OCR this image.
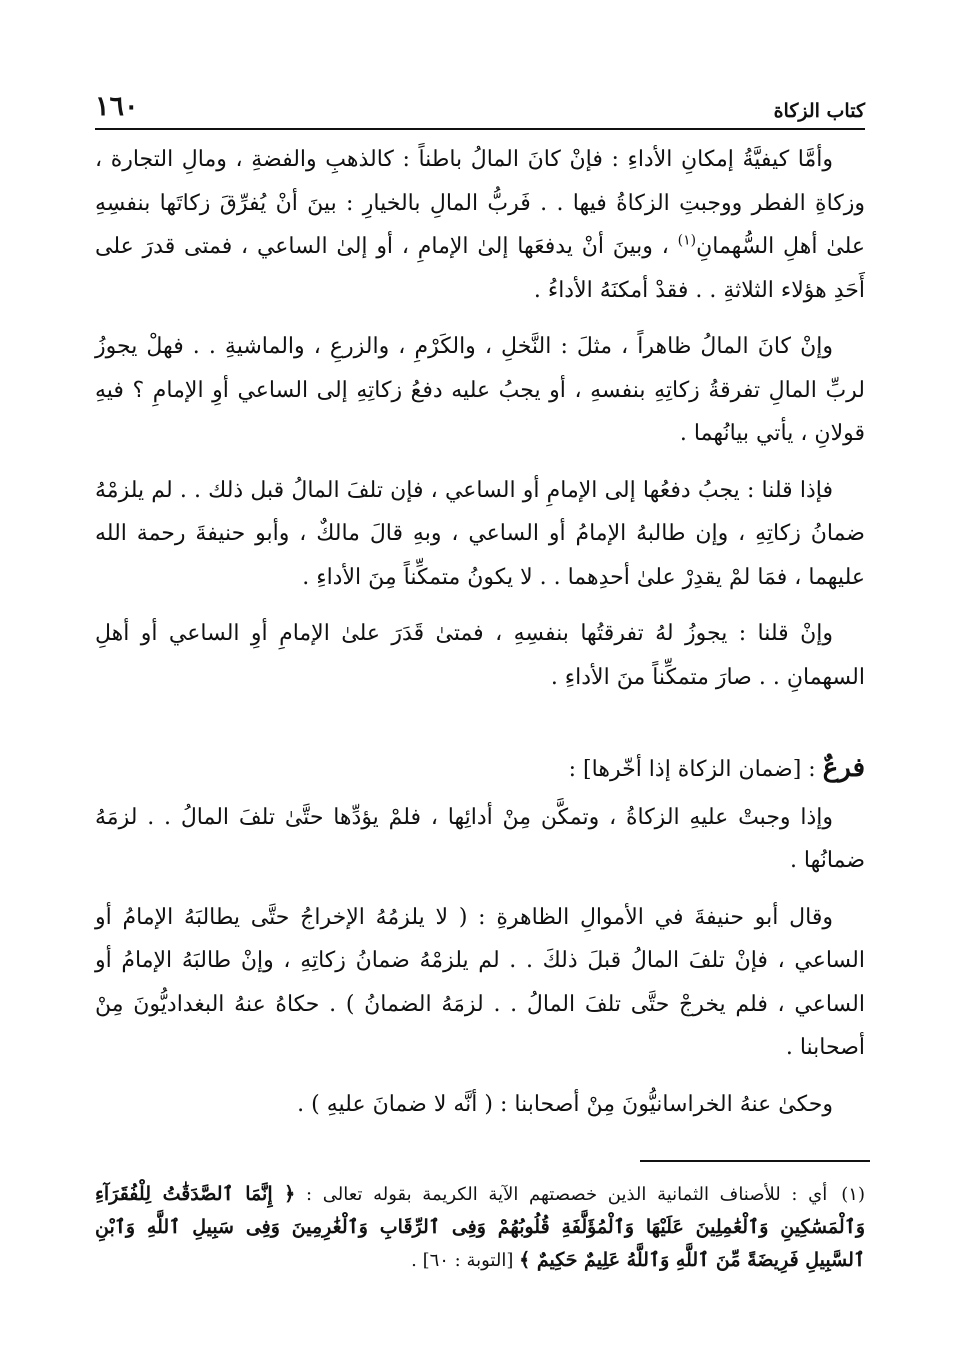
١٦٠	كتاب الزكاة

وأمَّا كيفيَّةُ إمكانِ الأداءِ : فإنْ كانَ المالُ باطناً : كالذهبِ والفضةِ ، ومالِ التجارة ، وزكاةِ الفطر ووجبتِ الزكاةُ فيها . . فَربُّ المالِ بالخيارِ : بينَ أنْ يُفرِّقَ زكاتَها بنفسِهِ علىٰ أهلِ السُّهمانِ$^{(١)}$ ، وبينَ أنْ يدفعَها إلىٰ الإمامِ ، أو إلىٰ الساعي ، فمتى قدرَ على أَحَدِ هؤلاء الثلاثةِ . . فقدْ أمكنَهُ الأداءُ .

وإنْ كانَ المالُ ظاهراً ، مثلَ : النَّخلِ ، والكَرْمِ ، والزرعِ ، والماشيةِ . . فهلْ يجوزُ لربِّ المالِ تفرقةُ زكاتِهِ بنفسهِ ، أو يجبُ عليه دفعُ زكاتِهِ إلى الساعي أوِ الإمامِ ؟ فيهِ قولانِ ، يأتي بيانُهما .

فإذا قلنا : يجبُ دفعُها إلى الإمامِ أو الساعي ، فإن تلفَ المالُ قبل ذلك . . لم يلزمْهُ ضمانُ زكاتِهِ ، وإن طالبهُ الإمامُ أو الساعي ، وبهِ قالَ مالكٌ ، وأبو حنيفةَ رحمة الله عليهما ، فمَا لمْ يقدِرْ علىٰ أحدِهما . . لا يكونُ متمكِّناً مِنَ الأداءِ .

وإنْ قلنا : يجوزُ لهُ تفرقتُها بنفسِهِ ، فمتىٰ قَدَرَ علىٰ الإمامِ أوِ الساعي أو أهلِ السهمانِ . . صارَ متمكِّناً منَ الأداءِ .

فرعٌ : [ضمان الزكاة إذا أخّرها] :

وإذا وجبتْ عليهِ الزكاةُ ، وتمكَّن مِنْ أدائِها ، فلمْ يؤدِّها حتَّىٰ تلفَ المالُ . . لزمَهُ ضمانُها .

وقال أبو حنيفةَ في الأموالِ الظاهرةِ : ( لا يلزمُهُ الإخراجُ حتَّى يطالبَهُ الإمامُ أو الساعي ، فإنْ تلفَ المالُ قبلَ ذلكَ . . لم يلزمْهُ ضمانُ زكاتِهِ ، وإنْ طالبَهُ الإمامُ أو الساعي ، فلم يخرجْ حتَّى تلفَ المالُ . . لزمَهُ الضمانُ ) . حكاهُ عنهُ البغداديُّونَ مِنْ أصحابنا .

وحكىٰ عنهُ الخراسانيُّونَ مِنْ أصحابنا : ( أنَّه لا ضمانَ عليهِ ) .

(١)أي : للأصناف الثمانية الذين خصصتهم الآية الكريمة بقوله تعالى : ﴿ إِنَّمَا ٱلصَّدَقَٰتُ لِلْفُقَرَآءِ وَٱلْمَسَٰكِينِ وَٱلْعَٰمِلِينَ عَلَيْهَا وَٱلْمُؤَلَّفَةِ قُلُوبُهُمْ وَفِى ٱلرِّقَابِ وَٱلْغَٰرِمِينَ وَفِى سَبِيلِ ٱللَّهِ وَٱبْنِ ٱلسَّبِيلِ فَرِيضَةً مِّنَ ٱللَّهِ وَٱللَّهُ عَلِيمٌ حَكِيمٌ ﴾ [التوبة : ٦٠] .
